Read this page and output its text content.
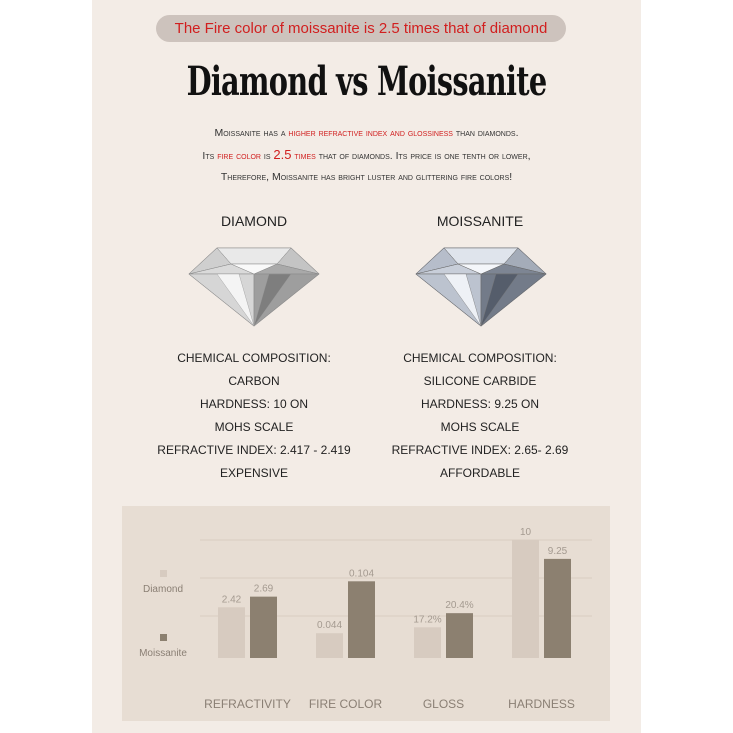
The Fire color of moissanite is 2.5 times that of diamond
Diamond vs Moissanite
Moissanite has a higher refractive index and glossiness than diamonds.
Its fire color is 2.5 times that of diamonds. Its price is one tenth or lower,
Therefore, Moissanite has bright luster and glittering fire colors!
DIAMOND	MOISSANITE
CHEMICAL COMPOSITION:
CARBON
HARDNESS: 10 ON
MOHS SCALE
REFRACTIVE INDEX: 2.417 - 2.419
EXPENSIVE
CHEMICAL COMPOSITION:
SILICONE CARBIDE
HARDNESS: 9.25 ON
MOHS SCALE
REFRACTIVE INDEX: 2.65- 2.69
AFFORDABLE
Diamond
Moissanite
2.42
2.69
REFRACTIVITY
0.044
0.104
FIRE COLOR
17.2%
20.4%
GLOSS
10
9.25
HARDNESS
